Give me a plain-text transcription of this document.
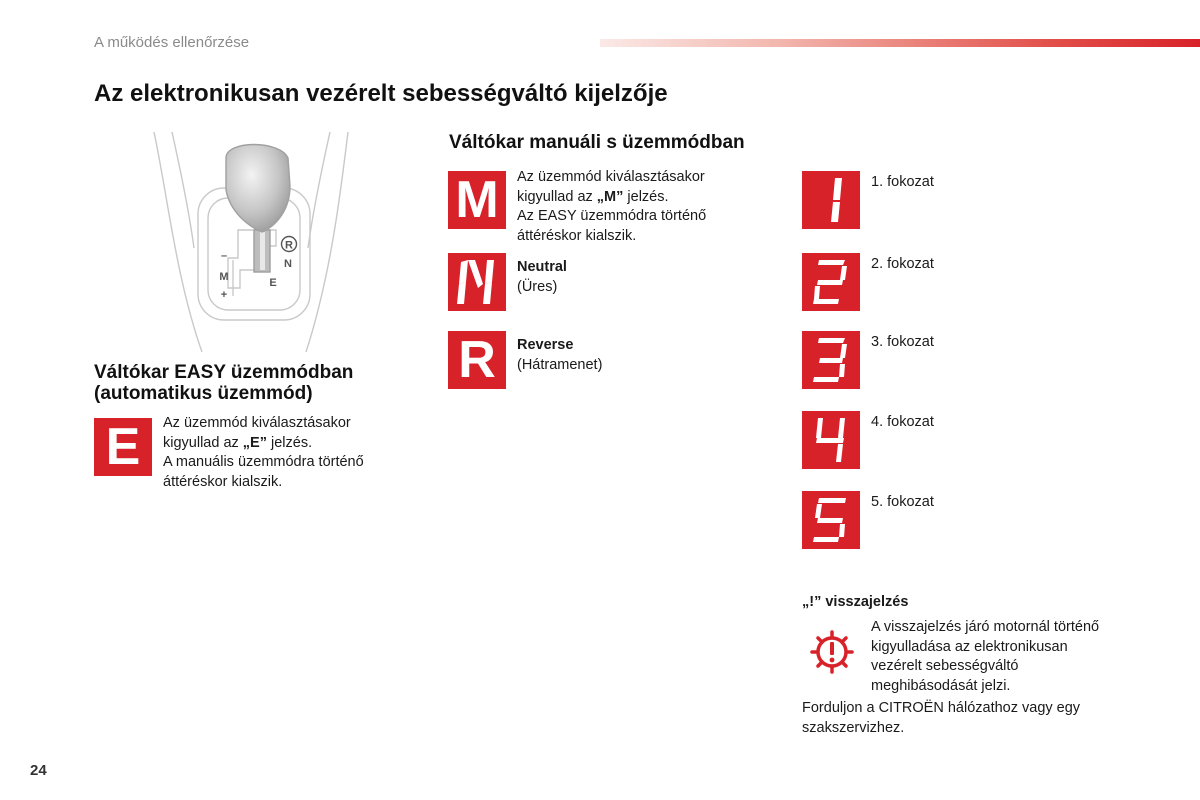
A működés ellenőrzése
Az elektronikusan vezérelt sebességváltó kijelzője
R
N
–
M
+
E
Váltókar EASY üzemmódban
(automatikus üzemmód)
E	Az üzemmód kiválasztásakor
kigyullad az „E” jelzés.
A manuális üzemmódra történő
áttéréskor kialszik.
Váltókar manuáli s üzemmódban
M	Az üzemmód kiválasztásakor
kigyullad az „M” jelzés.
Az EASY üzemmódra történő
áttéréskor kialszik.
Neutral
(Üres)
R	Reverse
(Hátramenet)
1. fokozat
2. fokozat
3. fokozat
4. fokozat
5. fokozat
„!” visszajelzés
A visszajelzés járó motornál történő
kigyulladása az elektronikusan
vezérelt sebességváltó
meghibásodását jelzi.
Forduljon a CITROËN hálózathoz vagy egy
szakszervizhez.
24
